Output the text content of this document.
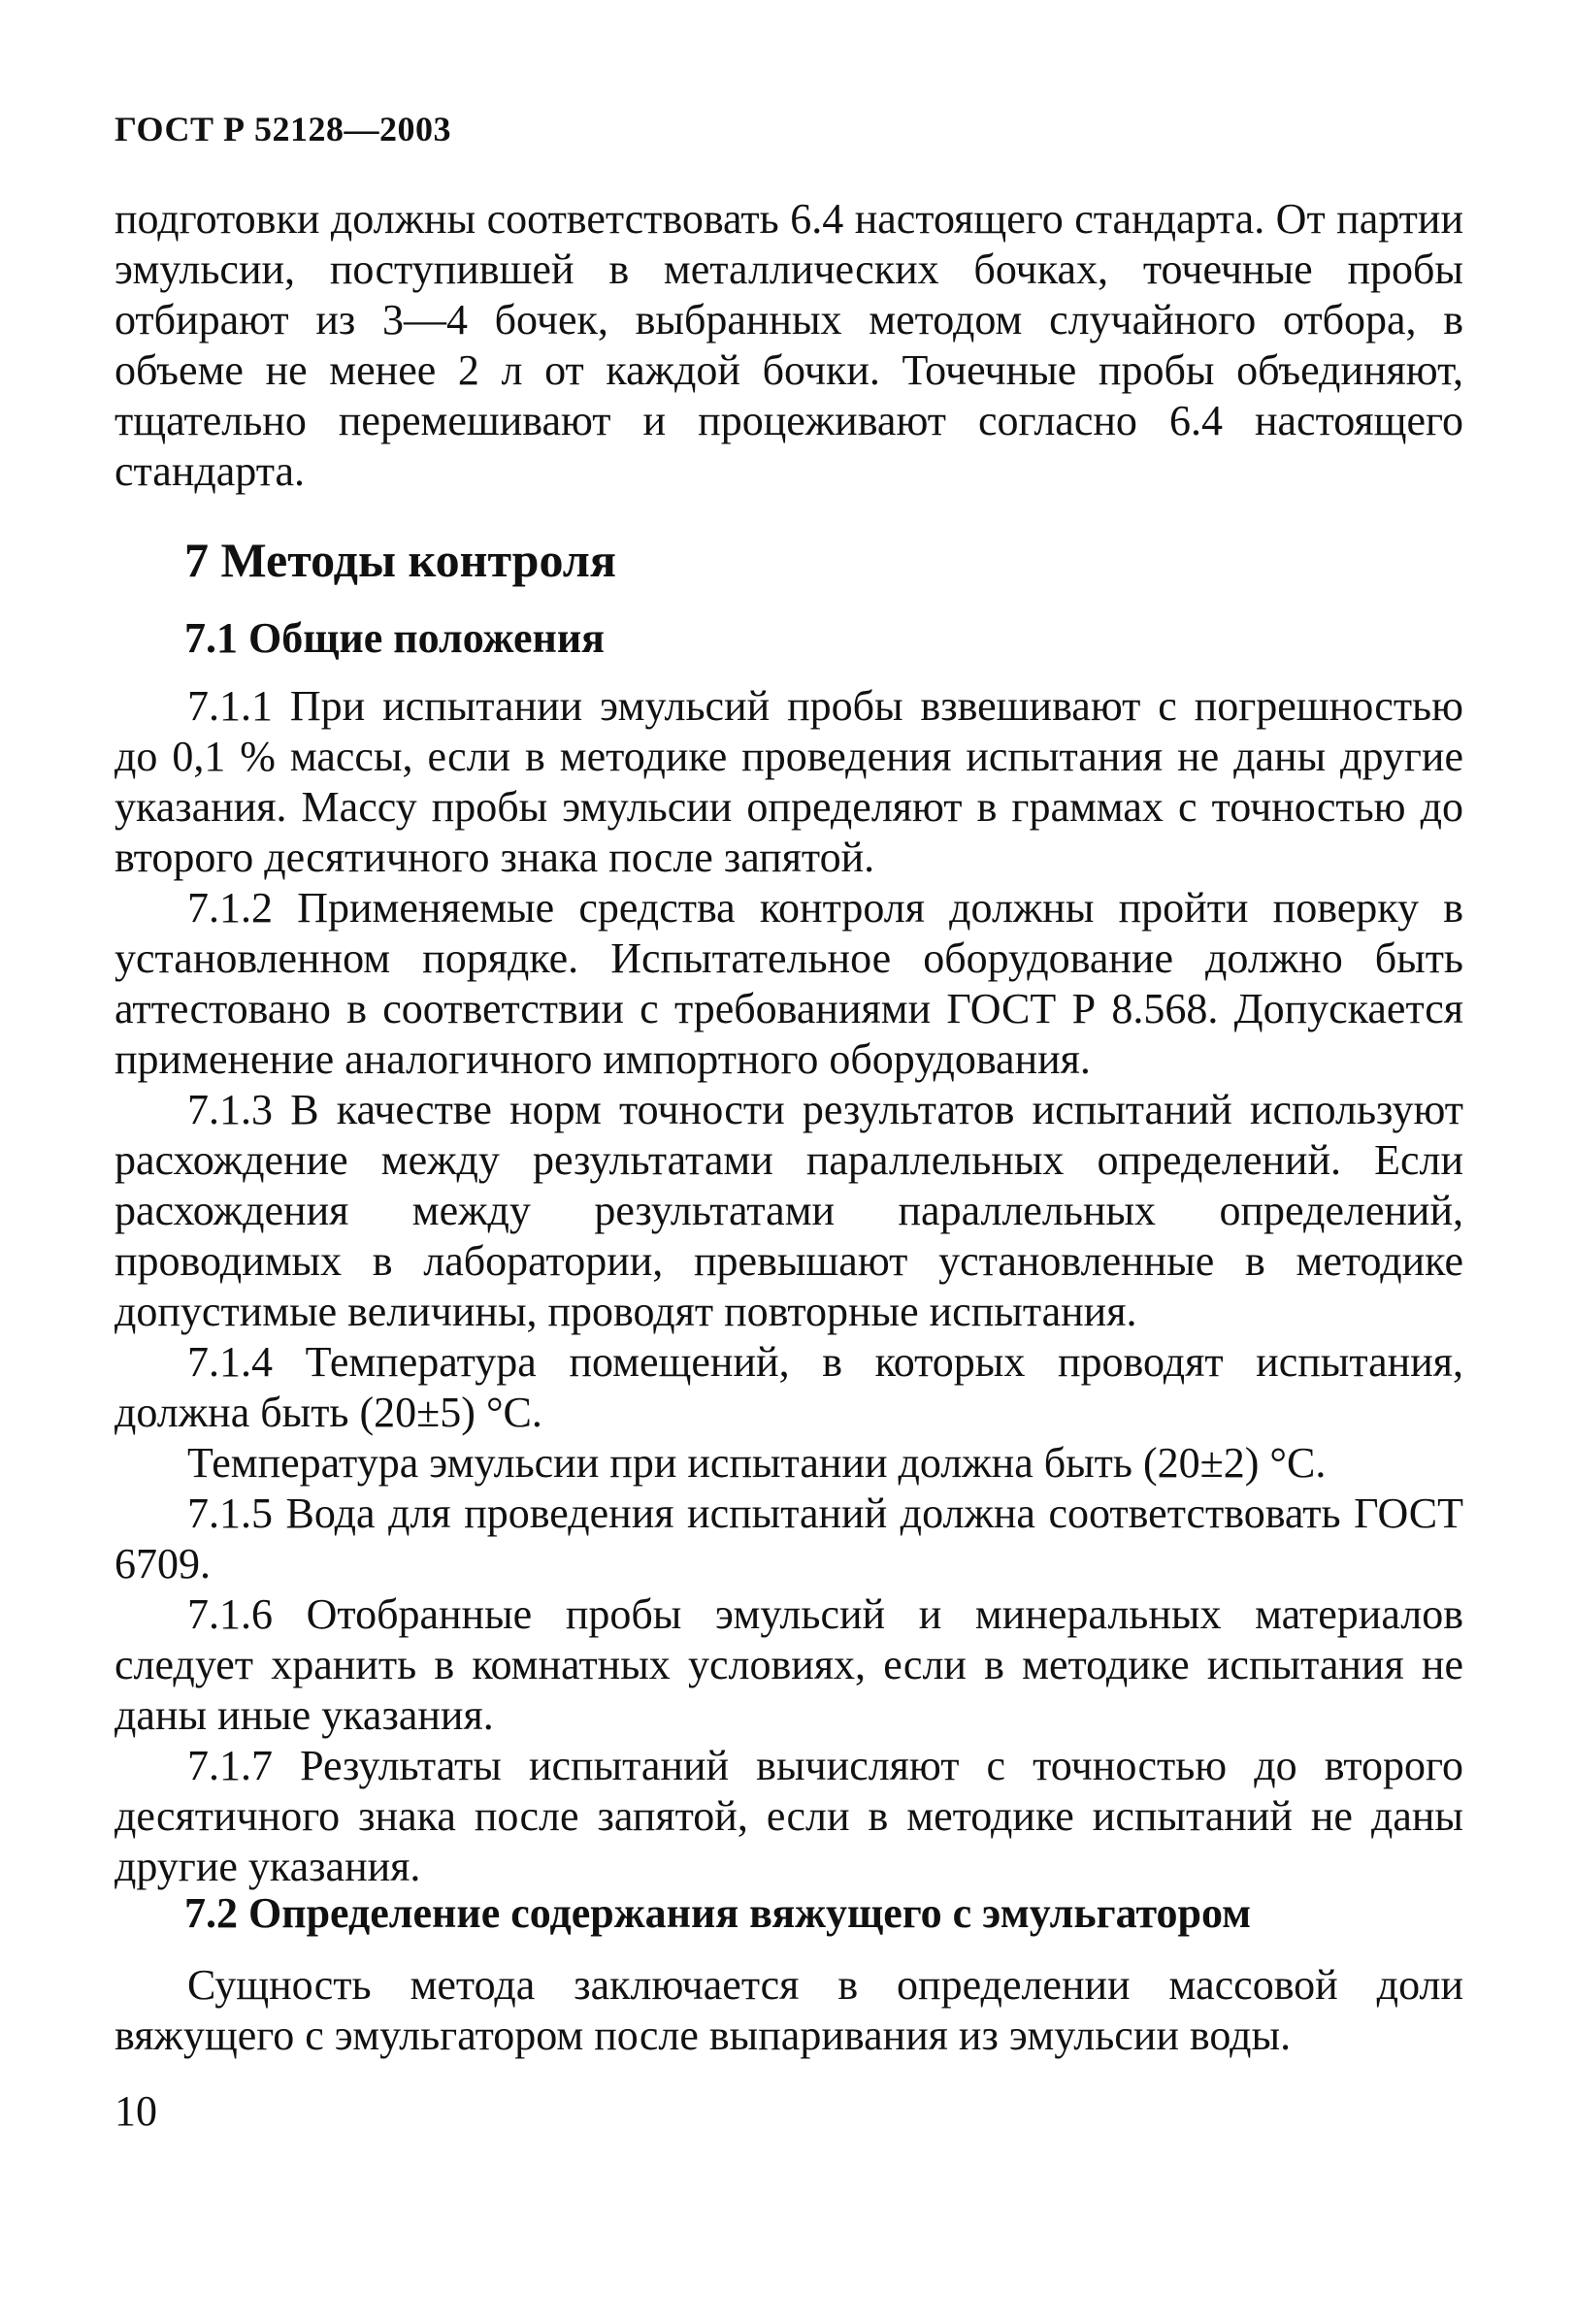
ГОСТ Р 52128—2003

подготовки должны соответствовать 6.4 настоящего стандарта. От партии эмульсии, поступившей в металлических бочках, точечные пробы отбирают из 3—4 бочек, выбранных методом случайного отбора, в объеме не менее 2 л от каждой бочки. Точечные пробы объединяют, тщательно перемешивают и процеживают согласно 6.4 настоящего стандарта.

7 Методы контроля
7.1 Общие положения

7.1.1 При испытании эмульсий пробы взвешивают с погрешностью до 0,1 % массы, если в методике проведения испытания не даны другие указания. Массу пробы эмульсии определяют в граммах с точностью до второго десятичного знака после запятой.

7.1.2 Применяемые средства контроля должны пройти поверку в установленном порядке. Испытательное оборудование должно быть аттестовано в соответствии с требованиями ГОСТ Р 8.568. Допускается применение аналогичного импортного оборудования.

7.1.3 В качестве норм точности результатов испытаний используют расхождение между результатами параллельных определений. Если расхождения между результатами параллельных определений, проводимых в лаборатории, превышают установленные в методике допустимые величины, проводят повторные испытания.

7.1.4 Температура помещений, в которых проводят испытания, должна быть (20±5) °С.

Температура эмульсии при испытании должна быть (20±2) °С.

7.1.5 Вода для проведения испытаний должна соответствовать ГОСТ 6709.

7.1.6 Отобранные пробы эмульсий и минеральных материалов следует хранить в комнатных условиях, если в методике испытания не даны иные указания.

7.1.7 Результаты испытаний вычисляют с точностью до второго десятичного знака после запятой, если в методике испытаний не даны другие указания.

7.2 Определение содержания вяжущего с эмульгатором

Сущность метода заключается в определении массовой доли вяжущего с эмульгатором после выпаривания из эмульсии воды.

10
